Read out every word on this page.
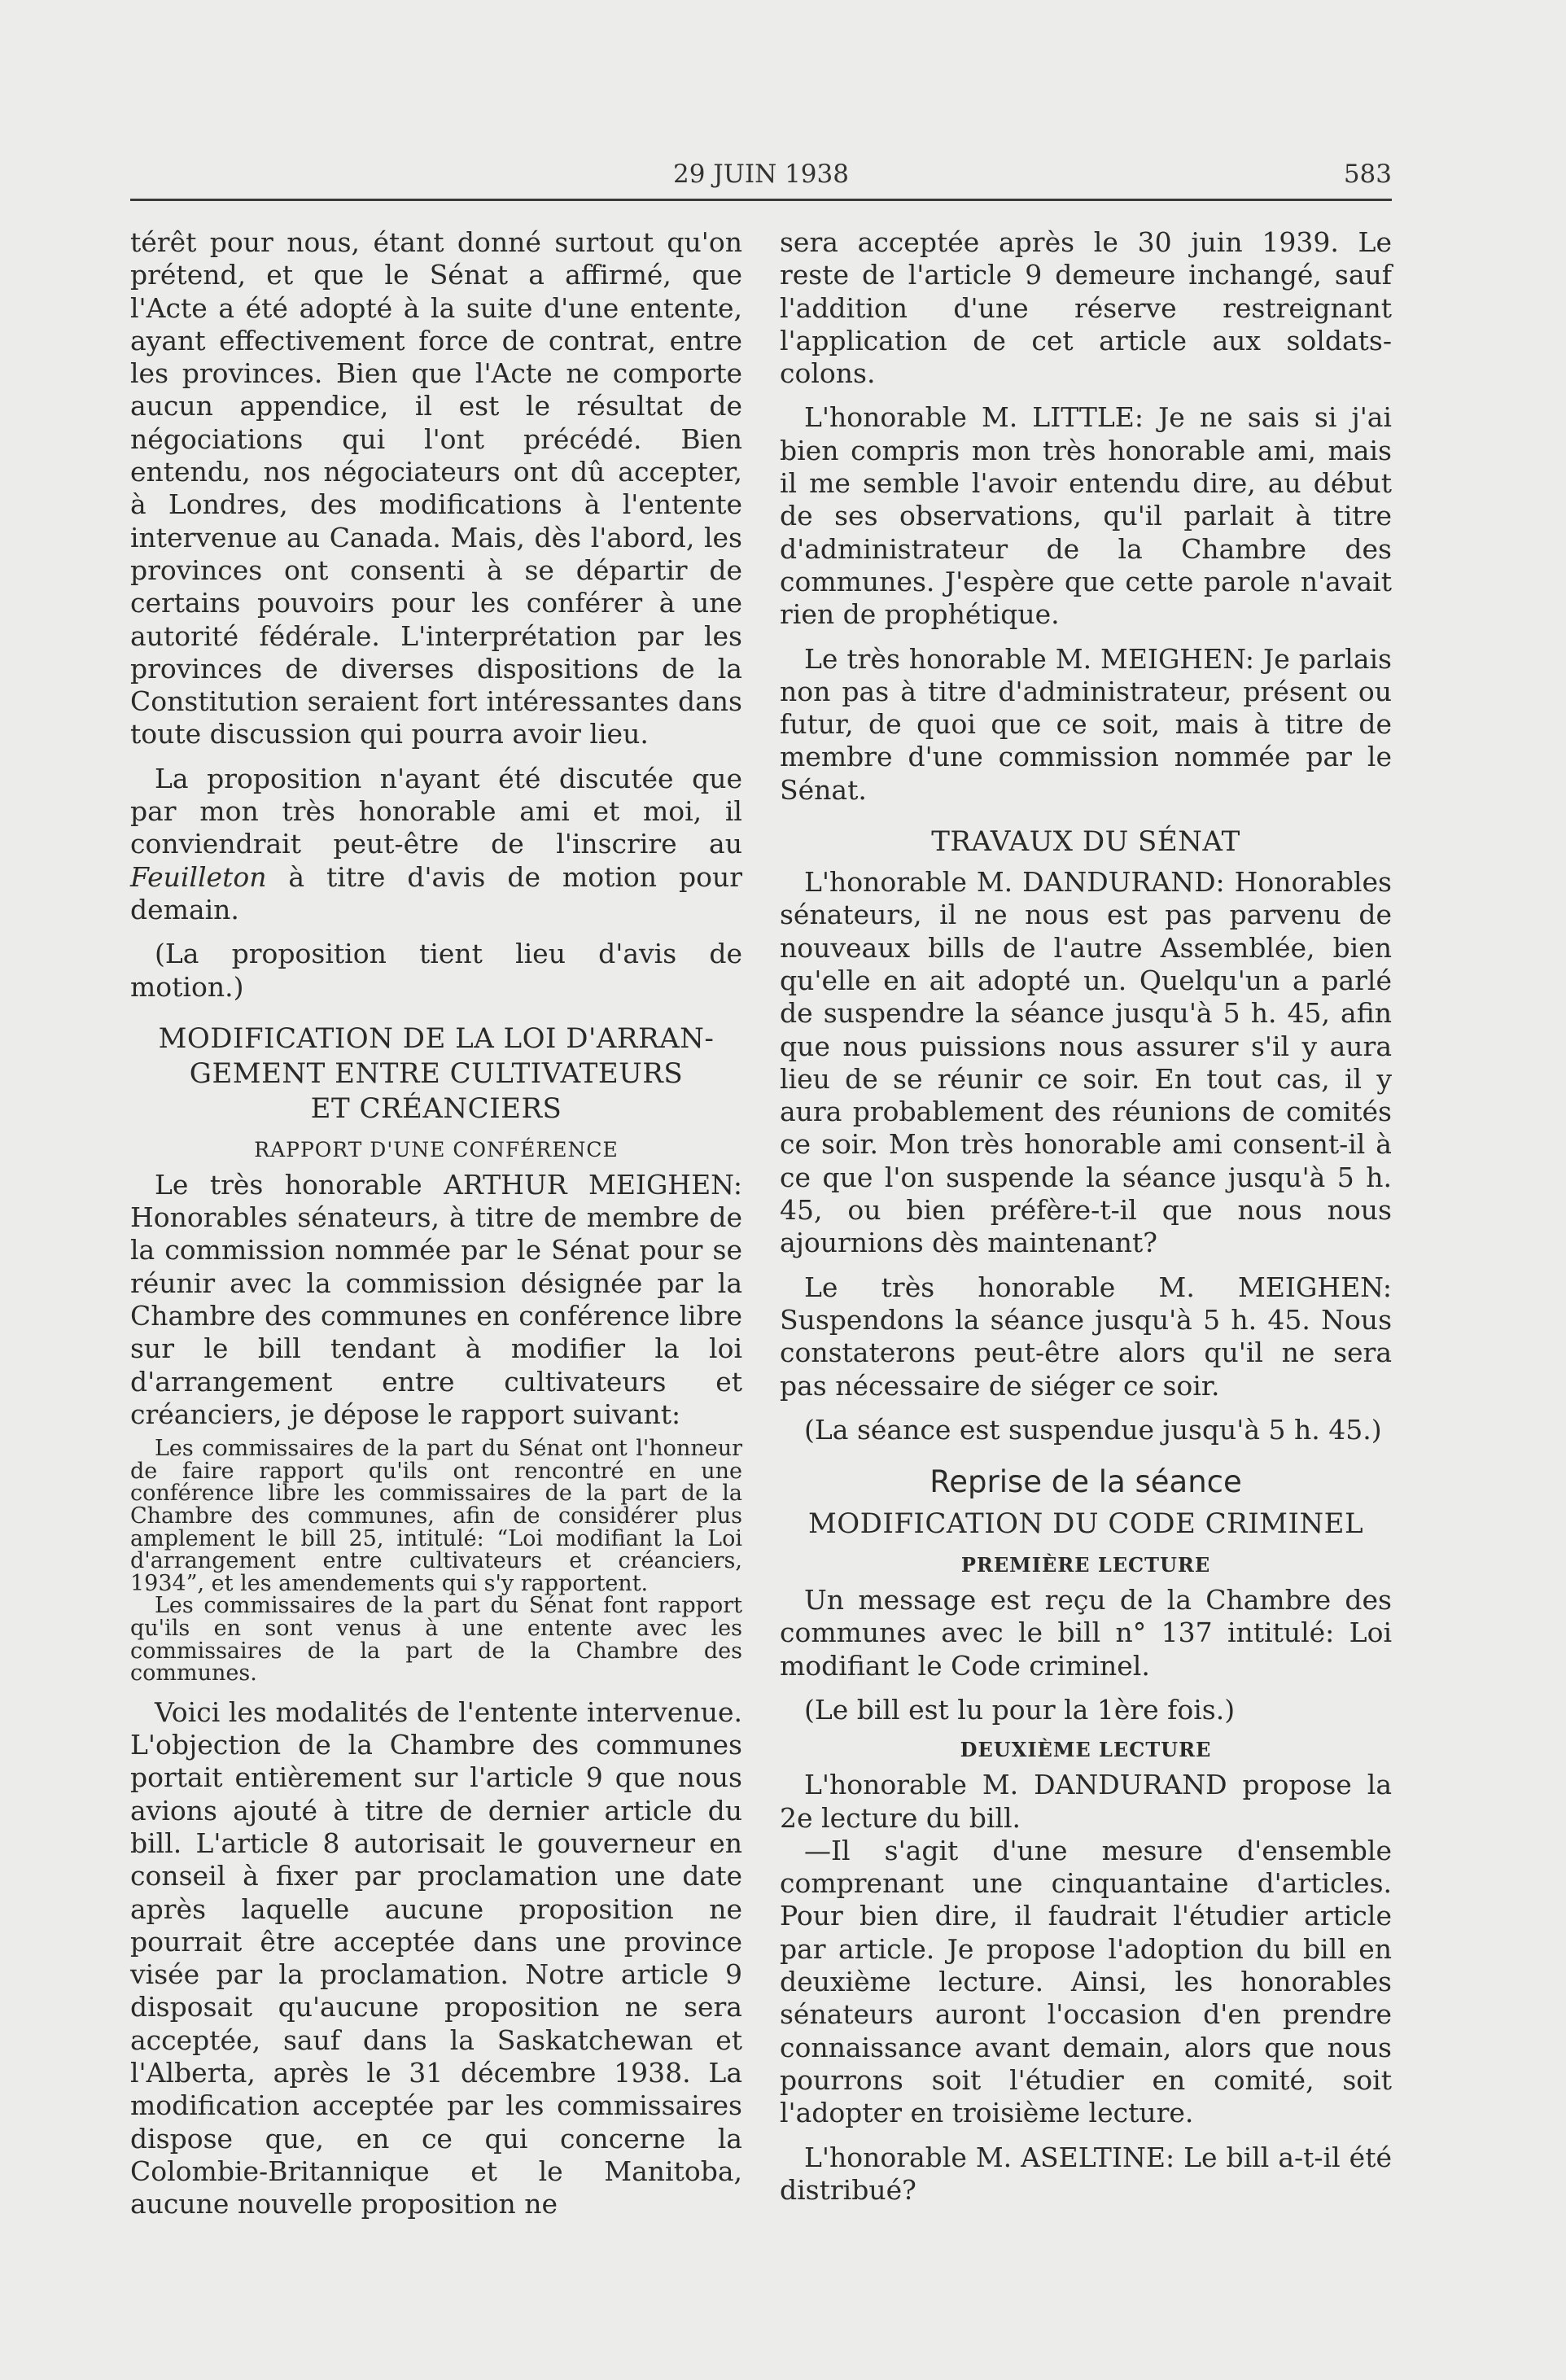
29 JUIN 1938	583

térêt pour nous, étant donné surtout qu'on prétend, et que le Sénat a affirmé, que l'Acte a été adopté à la suite d'une entente, ayant effectivement force de contrat, entre les provinces. Bien que l'Acte ne comporte aucun appendice, il est le résultat de négociations qui l'ont précédé. Bien entendu, nos négociateurs ont dû accepter, à Londres, des modifications à l'entente intervenue au Canada. Mais, dès l'abord, les provinces ont consenti à se départir de certains pouvoirs pour les conférer à une autorité fédérale. L'interprétation par les provinces de diverses dispositions de la Constitution seraient fort intéressantes dans toute discussion qui pourra avoir lieu.

La proposition n'ayant été discutée que par mon très honorable ami et moi, il conviendrait peut-être de l'inscrire au Feuilleton à titre d'avis de motion pour demain.

(La proposition tient lieu d'avis de motion.)

MODIFICATION DE LA LOI D'ARRAN-
GEMENT ENTRE CULTIVATEURS
ET CRÉANCIERS
RAPPORT D'UNE CONFÉRENCE

Le très honorable ARTHUR MEIGHEN: Honorables sénateurs, à titre de membre de la commission nommée par le Sénat pour se réunir avec la commission désignée par la Chambre des communes en conférence libre sur le bill tendant à modifier la loi d'arrangement entre cultivateurs et créanciers, je dépose le rapport suivant:

Les commissaires de la part du Sénat ont l'honneur de faire rapport qu'ils ont rencontré en une conférence libre les commissaires de la part de la Chambre des communes, afin de considérer plus amplement le bill 25, intitulé: “Loi modifiant la Loi d'arrangement entre cultivateurs et créanciers, 1934”, et les amendements qui s'y rapportent.

Les commissaires de la part du Sénat font rapport qu'ils en sont venus à une entente avec les commissaires de la part de la Chambre des communes.

Voici les modalités de l'entente intervenue. L'objection de la Chambre des communes portait entièrement sur l'article 9 que nous avions ajouté à titre de dernier article du bill. L'article 8 autorisait le gouverneur en conseil à fixer par proclamation une date après laquelle aucune proposition ne pourrait être acceptée dans une province visée par la proclamation. Notre article 9 disposait qu'aucune proposition ne sera acceptée, sauf dans la Saskatchewan et l'Alberta, après le 31 décembre 1938. La modification acceptée par les commissaires dispose que, en ce qui concerne la Colombie-Britannique et le Manitoba, aucune nouvelle proposition ne

sera acceptée après le 30 juin 1939. Le reste de l'article 9 demeure inchangé, sauf l'addition d'une réserve restreignant l'application de cet article aux soldats-colons.

L'honorable M. LITTLE: Je ne sais si j'ai bien compris mon très honorable ami, mais il me semble l'avoir entendu dire, au début de ses observations, qu'il parlait à titre d'administrateur de la Chambre des communes. J'espère que cette parole n'avait rien de prophétique.

Le très honorable M. MEIGHEN: Je parlais non pas à titre d'administrateur, présent ou futur, de quoi que ce soit, mais à titre de membre d'une commission nommée par le Sénat.

TRAVAUX DU SÉNAT

L'honorable M. DANDURAND: Honorables sénateurs, il ne nous est pas parvenu de nouveaux bills de l'autre Assemblée, bien qu'elle en ait adopté un. Quelqu'un a parlé de suspendre la séance jusqu'à 5 h. 45, afin que nous puissions nous assurer s'il y aura lieu de se réunir ce soir. En tout cas, il y aura probablement des réunions de comités ce soir. Mon très honorable ami consent-il à ce que l'on suspende la séance jusqu'à 5 h. 45, ou bien préfère-t-il que nous nous ajournions dès maintenant?

Le très honorable M. MEIGHEN: Suspendons la séance jusqu'à 5 h. 45. Nous constaterons peut-être alors qu'il ne sera pas nécessaire de siéger ce soir.

(La séance est suspendue jusqu'à 5 h. 45.)

Reprise de la séance
MODIFICATION DU CODE CRIMINEL
PREMIÈRE LECTURE

Un message est reçu de la Chambre des communes avec le bill n° 137 intitulé: Loi modifiant le Code criminel.

(Le bill est lu pour la 1ère fois.)

DEUXIÈME LECTURE

L'honorable M. DANDURAND propose la 2e lecture du bill.

—Il s'agit d'une mesure d'ensemble comprenant une cinquantaine d'articles. Pour bien dire, il faudrait l'étudier article par article. Je propose l'adoption du bill en deuxième lecture. Ainsi, les honorables sénateurs auront l'occasion d'en prendre connaissance avant demain, alors que nous pourrons soit l'étudier en comité, soit l'adopter en troisième lecture.

L'honorable M. ASELTINE: Le bill a-t-il été distribué?
